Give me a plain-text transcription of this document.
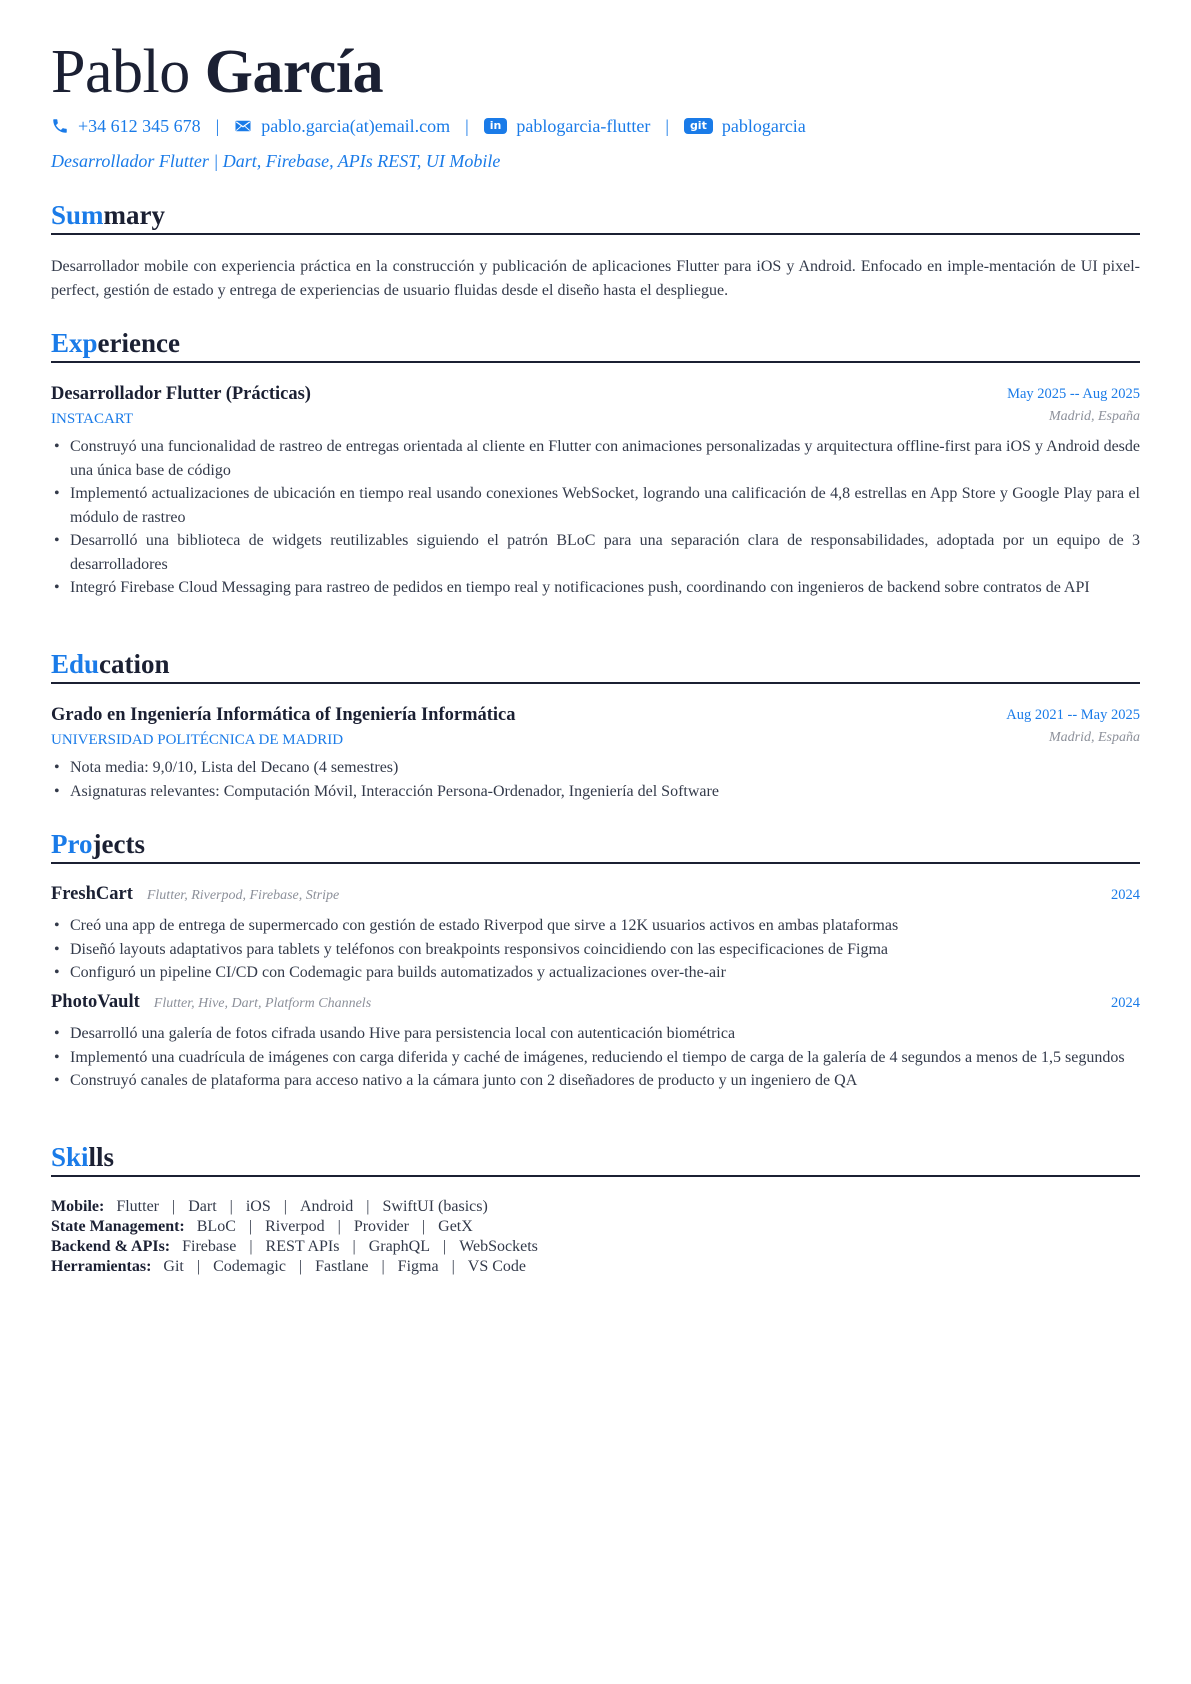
Pablo García
+34 612 345 678 | pablo.garcia(at)email.com |	in pablogarcia-flutter |	git pablogarcia
Desarrollador Flutter | Dart, Firebase, APIs REST, UI Mobile
Summary
Desarrollador mobile con experiencia práctica en la construcción y publicación de aplicaciones Flutter para iOS y Android. Enfocado en imple-mentación de UI pixel-perfect, gestión de estado y entrega de experiencias de usuario fluidas desde el diseño hasta el despliegue.
Experience
Desarrollador Flutter (Prácticas)
INSTACART
May 2025 -- Aug 2025
Madrid, España
• Construyó una funcionalidad de rastreo de entregas orientada al cliente en Flutter con animaciones personalizadas y arquitectura offline-first para iOS y Android desde una única base de código
• Implementó actualizaciones de ubicación en tiempo real usando conexiones WebSocket, logrando una calificación de 4,8 estrellas en App Store y Google Play para el módulo de rastreo
• Desarrolló una biblioteca de widgets reutilizables siguiendo el patrón BLoC para una separación clara de responsabilidades, adoptada por un equipo de 3 desarrolladores
• Integró Firebase Cloud Messaging para rastreo de pedidos en tiempo real y notificaciones push, coordinando con ingenieros de backend sobre contratos de API
Education
Grado en Ingeniería Informática of Ingeniería Informática
UNIVERSIDAD POLITÉCNICA DE MADRID
Aug 2021 -- May 2025
Madrid, España
• Nota media: 9,0/10, Lista del Decano (4 semestres)
• Asignaturas relevantes: Computación Móvil, Interacción Persona-Ordenador, Ingeniería del Software
Projects
FreshCart Flutter, Riverpod, Firebase, Stripe	2024
• Creó una app de entrega de supermercado con gestión de estado Riverpod que sirve a 12K usuarios activos en ambas plataformas
• Diseñó layouts adaptativos para tablets y teléfonos con breakpoints responsivos coincidiendo con las especificaciones de Figma
• Configuró un pipeline CI/CD con Codemagic para builds automatizados y actualizaciones over-the-air
PhotoVault Flutter, Hive, Dart, Platform Channels	2024
• Desarrolló una galería de fotos cifrada usando Hive para persistencia local con autenticación biométrica
• Implementó una cuadrícula de imágenes con carga diferida y caché de imágenes, reduciendo el tiempo de carga de la galería de 4 segundos a menos de 1,5 segundos
• Construyó canales de plataforma para acceso nativo a la cámara junto con 2 diseñadores de producto y un ingeniero de QA
Skills
Mobile: Flutter | Dart | iOS | Android | SwiftUI (basics)
State Management: BLoC | Riverpod | Provider | GetX
Backend & APIs: Firebase | REST APIs | GraphQL | WebSockets
Herramientas: Git | Codemagic | Fastlane | Figma | VS Code
